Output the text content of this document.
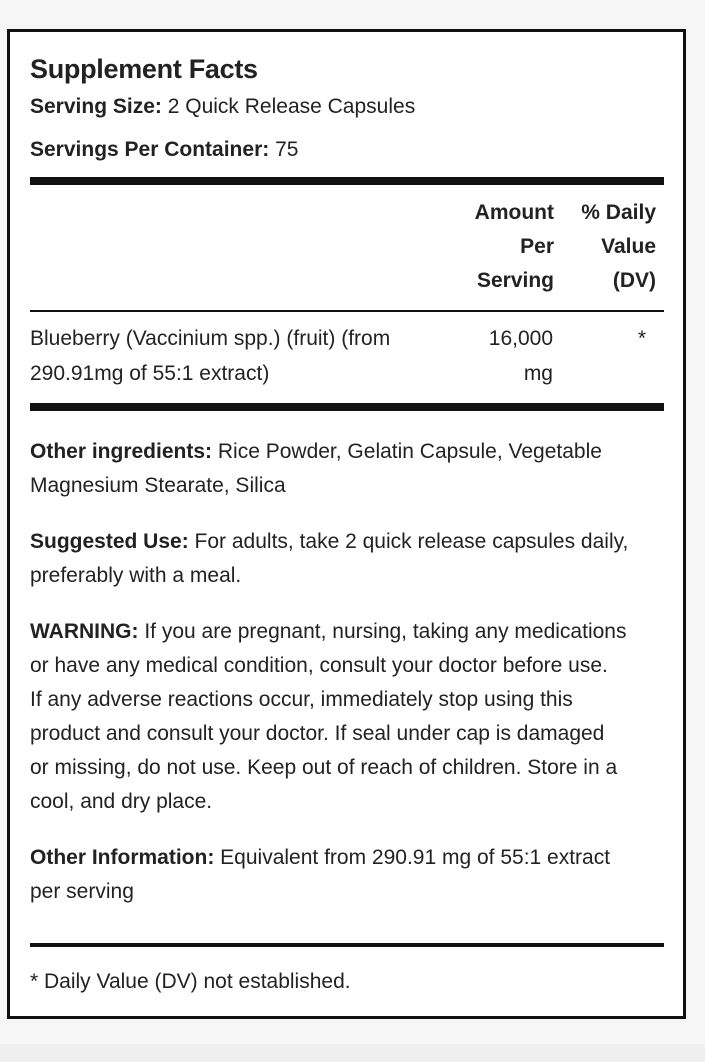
Supplement Facts

Serving Size: 2 Quick Release Capsules

Servings Per Container: 75

Amount
Per
Serving
% Daily
Value
(DV)
Blueberry (Vaccinium spp.) (fruit) (from
290.91mg of 55:1 extract)
16,000
mg
*

Other ingredients: Rice Powder, Gelatin Capsule, Vegetable
Magnesium Stearate, Silica

Suggested Use: For adults, take 2 quick release capsules daily,
preferably with a meal.

WARNING: If you are pregnant, nursing, taking any medications
or have any medical condition, consult your doctor before use.
If any adverse reactions occur, immediately stop using this
product and consult your doctor. If seal under cap is damaged
or missing, do not use. Keep out of reach of children. Store in a
cool, and dry place.

Other Information: Equivalent from 290.91 mg of 55:1 extract
per serving

* Daily Value (DV) not established.
